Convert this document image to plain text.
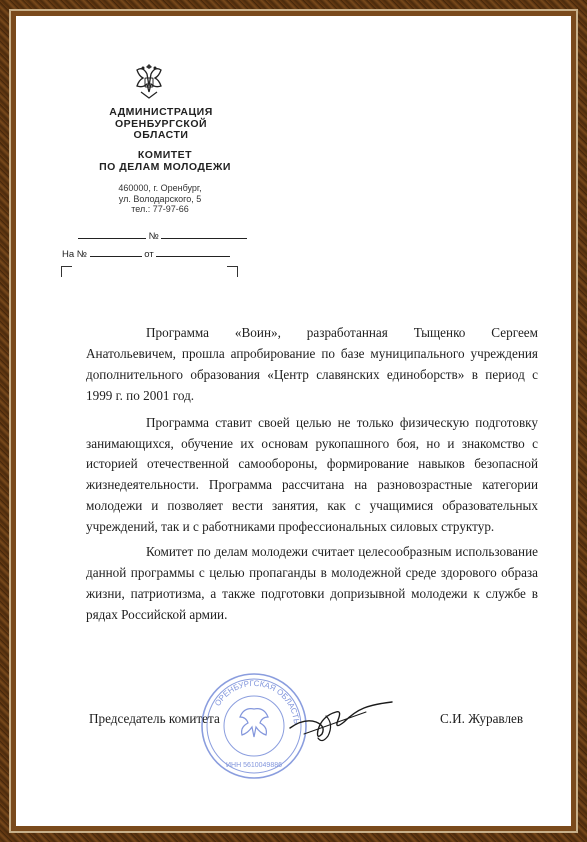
АДМИНИСТРАЦИЯ
ОРЕНБУРГСКОЙ
ОБЛАСТИ
КОМИТЕТ
ПО ДЕЛАМ МОЛОДЕЖИ
460000, г. Оренбург,
ул. Володарского, 5
тел.: 77-97-66
№
На №	от

Программа «Воин», разработанная Тыщенко Сергеем Анатольевичем, прошла апробирование по базе муниципального учреждения дополнительного образования «Центр славянских единоборств» в период с 1999 г. по 2001 год.

Программа ставит своей целью не только физическую подготовку занимающихся, обучение их основам рукопашного боя, но и знакомство с историей отечественной самообороны, формирование навыков безопасной жизнедеятельности. Программа рассчитана на разновозрастные категории молодежи и позволяет вести занятия, как с учащимися образовательных учреждений, так и с работниками профессиональных силовых структур.

Комитет по делам молодежи считает целесообразным использование данной программы с целью пропаганды в молодежной среде здорового образа жизни, патриотизма, а также подготовки допризывной молодежи к службе в рядах Российской армии.

ОРЕНБУРГСКАЯ ОБЛАСТЬ
ИНН 5610049886
Председатель комитета	С.И. Журавлев
